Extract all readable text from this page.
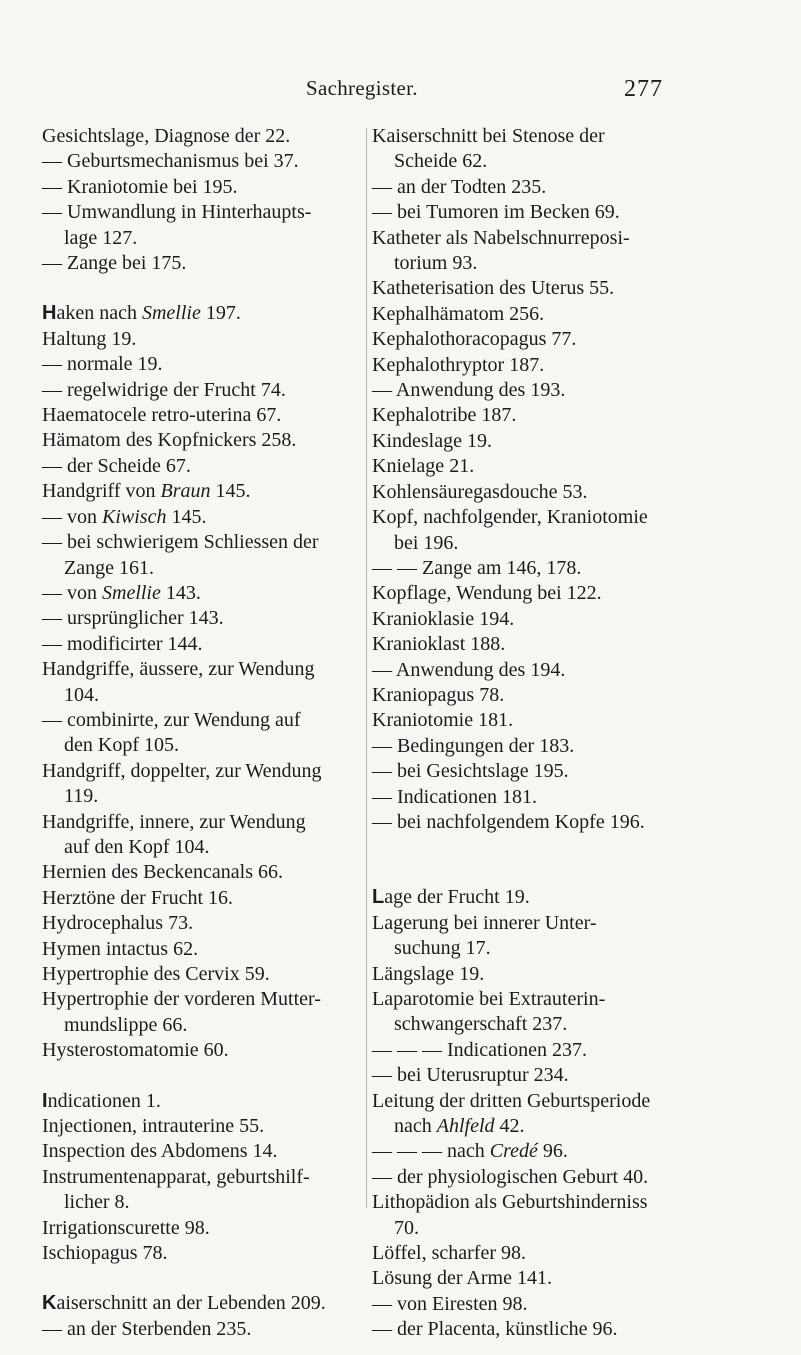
Sachregister.	277
Gesichtslage, Diagnose der 22.
— Geburtsmechanismus bei 37.
— Kraniotomie bei 195.
— Umwandlung in Hinterhaupts-
lage 127.
— Zange bei 175.
Haken nach Smellie 197.
Haltung 19.
— normale 19.
— regelwidrige der Frucht 74.
Haematocele retro-uterina 67.
Hämatom des Kopfnickers 258.
— der Scheide 67.
Handgriff von Braun 145.
— von Kiwisch 145.
— bei schwierigem Schliessen der
Zange 161.
— von Smellie 143.
— ursprünglicher 143.
— modificirter 144.
Handgriffe, äussere, zur Wendung
104.
— combinirte, zur Wendung auf
den Kopf 105.
Handgriff, doppelter, zur Wendung
119.
Handgriffe, innere, zur Wendung
auf den Kopf 104.
Hernien des Beckencanals 66.
Herztöne der Frucht 16.
Hydrocephalus 73.
Hymen intactus 62.
Hypertrophie des Cervix 59.
Hypertrophie der vorderen Mutter-
mundslippe 66.
Hysterostomatomie 60.
Indicationen 1.
Injectionen, intrauterine 55.
Inspection des Abdomens 14.
Instrumentenapparat, geburtshilf-
licher 8.
Irrigationscurette 98.
Ischiopagus 78.
Kaiserschnitt an der Lebenden 209.
— an der Sterbenden 235.
Kaiserschnitt bei Stenose der
Scheide 62.
— an der Todten 235.
— bei Tumoren im Becken 69.
Katheter als Nabelschnurreposi-
torium 93.
Katheterisation des Uterus 55.
Kephalhämatom 256.
Kephalothoracopagus 77.
Kephalothryptor 187.
— Anwendung des 193.
Kephalotribe 187.
Kindeslage 19.
Knielage 21.
Kohlensäuregasdouche 53.
Kopf, nachfolgender, Kraniotomie
bei 196.
— — Zange am 146, 178.
Kopflage, Wendung bei 122.
Kranioklasie 194.
Kranioklast 188.
— Anwendung des 194.
Kraniopagus 78.
Kraniotomie 181.
— Bedingungen der 183.
— bei Gesichtslage 195.
— Indicationen 181.
— bei nachfolgendem Kopfe 196.
Lage der Frucht 19.
Lagerung bei innerer Unter-
suchung 17.
Längslage 19.
Laparotomie bei Extrauterin-
schwangerschaft 237.
— — — Indicationen 237.
— bei Uterusruptur 234.
Leitung der dritten Geburtsperiode
nach Ahlfeld 42.
— — — nach Credé 96.
— der physiologischen Geburt 40.
Lithopädion als Geburtshinderniss
70.
Löffel, scharfer 98.
Lösung der Arme 141.
— von Eiresten 98.
— der Placenta, künstliche 96.
